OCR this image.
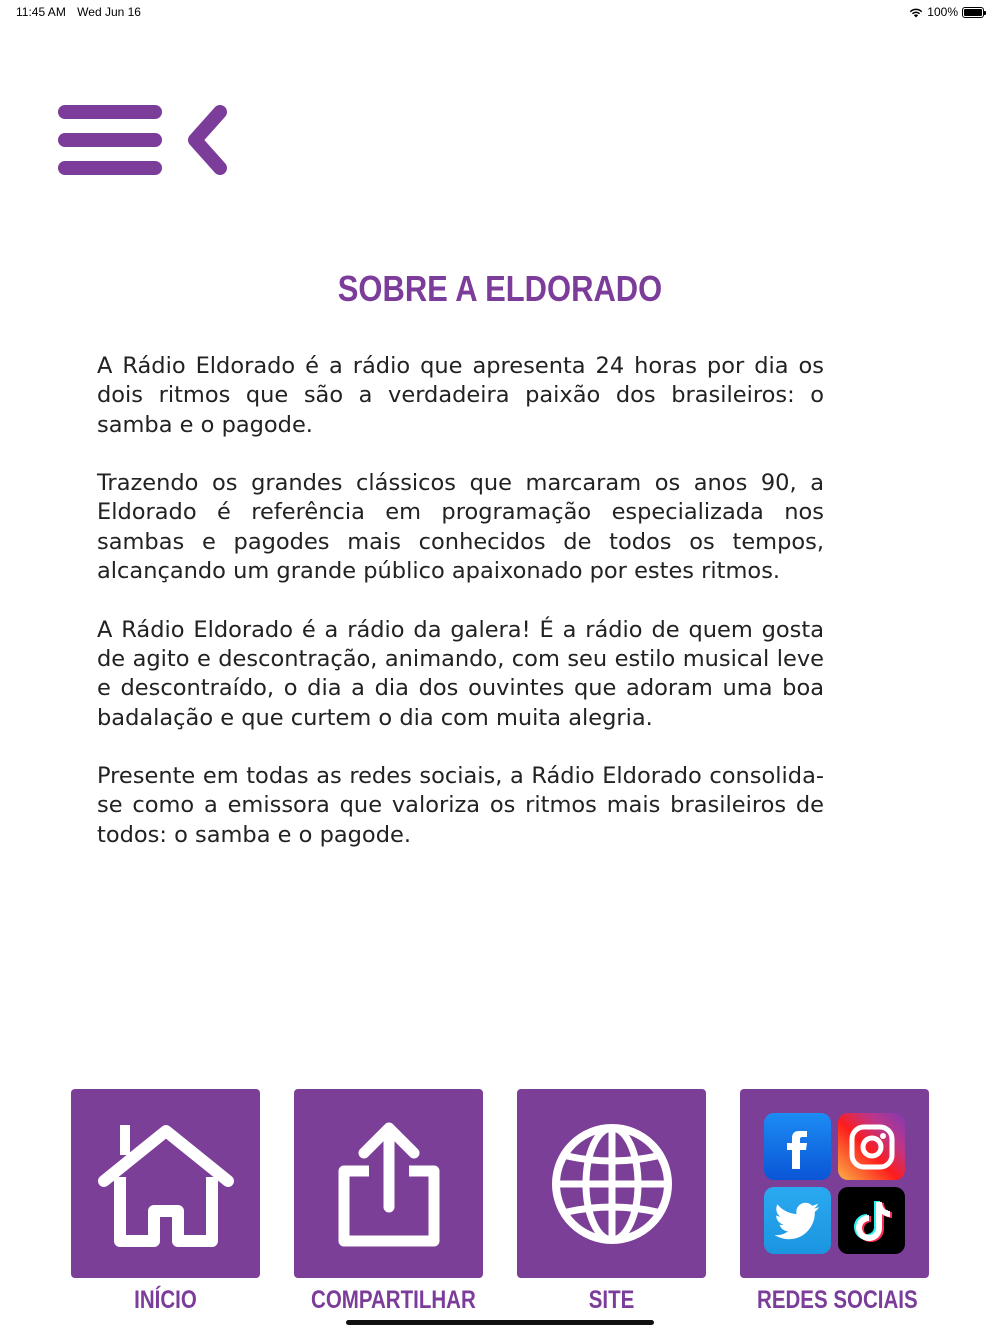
11:45 AM Wed Jun 16	100%
SOBRE A ELDORADO

A Rádio Eldorado é a rádio que apresenta 24 horas por dia os dois ritmos que são a verdadeira paixão dos brasileiros: o samba e o pagode.

Trazendo os grandes clássicos que marcaram os anos 90, a Eldorado é referência em programação especializada nos sambas e pagodes mais conhecidos de todos os tempos, alcançando um grande público apaixonado por estes ritmos.

A Rádio Eldorado é a rádio da galera! É a rádio de quem gosta de agito e descontração, animando, com seu estilo musical leve e descontraído, o dia a dia dos ouvintes que adoram uma boa badalação e que curtem o dia com muita alegria.

Presente em todas as redes sociais, a Rádio Eldorado consolida-se como a emissora que valoriza os ritmos mais brasileiros de todos: o samba e o pagode.

INÍCIO	COMPARTILHAR	SITE	REDES SOCIAIS
